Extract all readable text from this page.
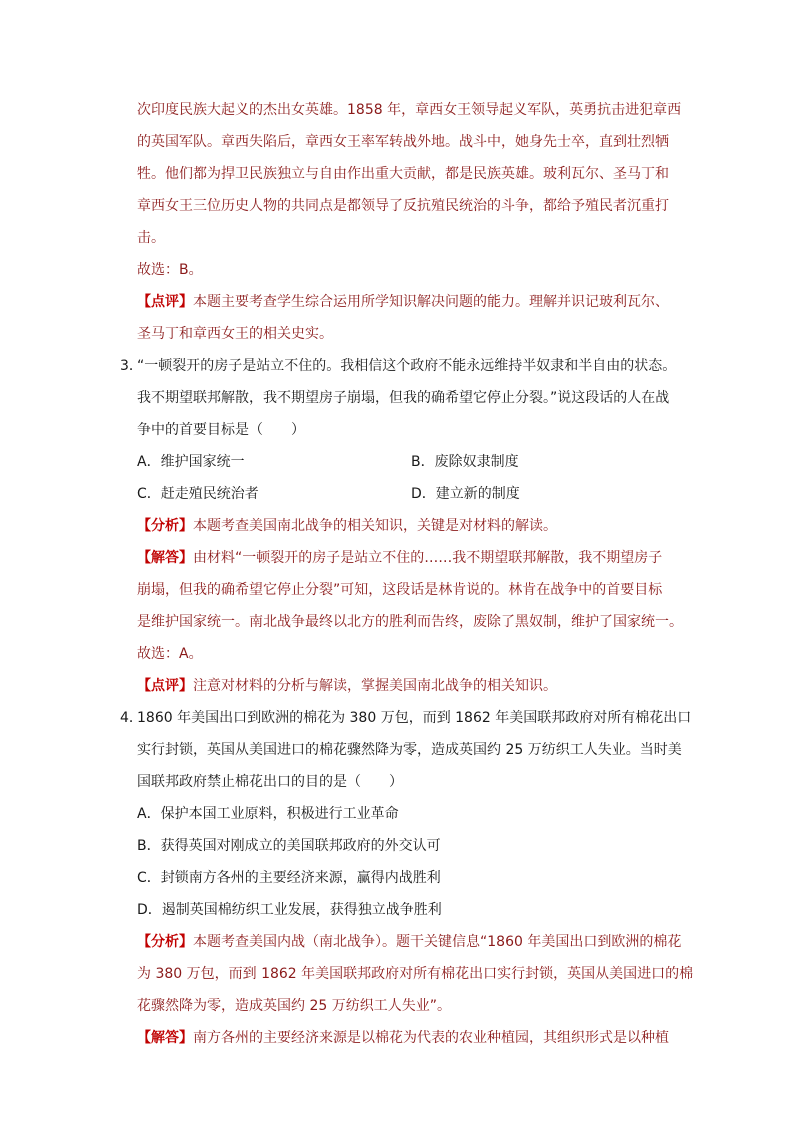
次印度民族大起义的杰出女英雄。1858 年，章西女王领导起义军队，英勇抗击进犯章西
的英国军队。章西失陷后，章西女王率军转战外地。战斗中，她身先士卒，直到壮烈牺
牲。他们都为捍卫民族独立与自由作出重大贡献，都是民族英雄。玻利瓦尔、圣马丁和
章西女王三位历史人物的共同点是都领导了反抗殖民统治的斗争，都给予殖民者沉重打
击。
故选：B。
【点评】本题主要考查学生综合运用所学知识解决问题的能力。理解并识记玻利瓦尔、
圣马丁和章西女王的相关史实。
3．
“一顿裂开的房子是站立不住的。我相信这个政府不能永远维持半奴隶和半自由的状态。
我不期望联邦解散，我不期望房子崩塌，但我的确希望它停止分裂。”说这段话的人在战
争中的首要目标是（　　）
A．维护国家统一	B．废除奴隶制度
C．赶走殖民统治者	D．建立新的制度
【分析】本题考查美国南北战争的相关知识，关键是对材料的解读。
【解答】由材料“一顿裂开的房子是站立不住的……我不期望联邦解散，我不期望房子
崩塌，但我的确希望它停止分裂”可知，这段话是林肯说的。林肯在战争中的首要目标
是维护国家统一。南北战争最终以北方的胜利而告终，废除了黑奴制，维护了国家统一。
故选：A。
【点评】注意对材料的分析与解读，掌握美国南北战争的相关知识。
4．
1860 年美国出口到欧洲的棉花为 380 万包，而到 1862 年美国联邦政府对所有棉花出口
实行封锁，英国从美国进口的棉花骤然降为零，造成英国约 25 万纺织工人失业。当时美
国联邦政府禁止棉花出口的目的是（　　）
A．保护本国工业原料，积极进行工业革命
B．获得英国对刚成立的美国联邦政府的外交认可
C．封锁南方各州的主要经济来源，赢得内战胜利
D．遏制英国棉纺织工业发展，获得独立战争胜利
【分析】本题考查美国内战（南北战争）。题干关键信息“1860 年美国出口到欧洲的棉花
为 380 万包，而到 1862 年美国联邦政府对所有棉花出口实行封锁，英国从美国进口的棉
花骤然降为零，造成英国约 25 万纺织工人失业”。
【解答】南方各州的主要经济来源是以棉花为代表的农业种植园，其组织形式是以种植
